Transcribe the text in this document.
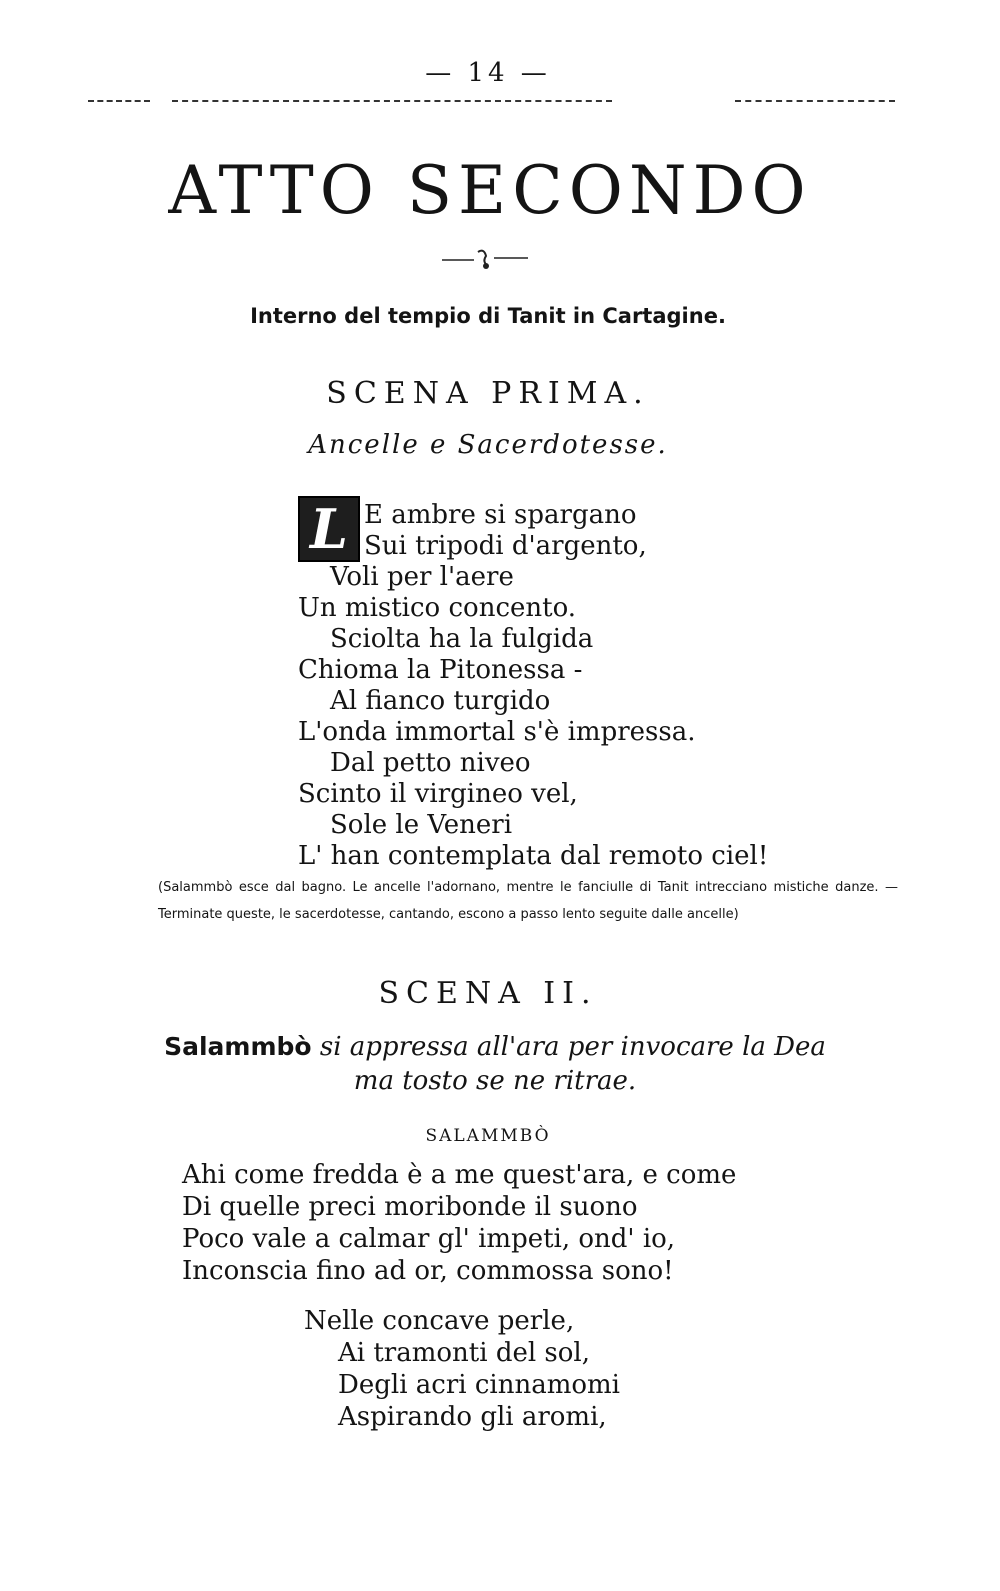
— 14 —
ATTO SECONDO
Interno del tempio di Tanit in Cartagine.
SCENA PRIMA.
Ancelle e Sacerdotesse.
L E ambre si spargano
Sui tripodi d'argento,
Voli per l'aere
Un mistico concento.
Sciolta ha la fulgida
Chioma la Pitonessa -
Al fianco turgido
L'onda immortal s'è impressa.
Dal petto niveo
Scinto il virgineo vel,
Sole le Veneri
L' han contemplata dal remoto ciel!

(Salammbò esce dal bagno. Le ancelle l'adornano, mentre le fanciulle di Tanit intrecciano mistiche danze. — Terminate queste, le sacerdotesse, cantando, escono a passo lento seguite dalle ancelle)

SCENA II.
Salammbò si appressa all'ara per invocare la Dea
ma tosto se ne ritrae.
SALAMMBÒ
Ahi come fredda è a me quest'ara, e come
Di quelle preci moribonde il suono
Poco vale a calmar gl' impeti, ond' io,
Inconscia fino ad or, commossa sono!
Nelle concave perle,
Ai tramonti del sol,
Degli acri cinnamomi
Aspirando gli aromi,
